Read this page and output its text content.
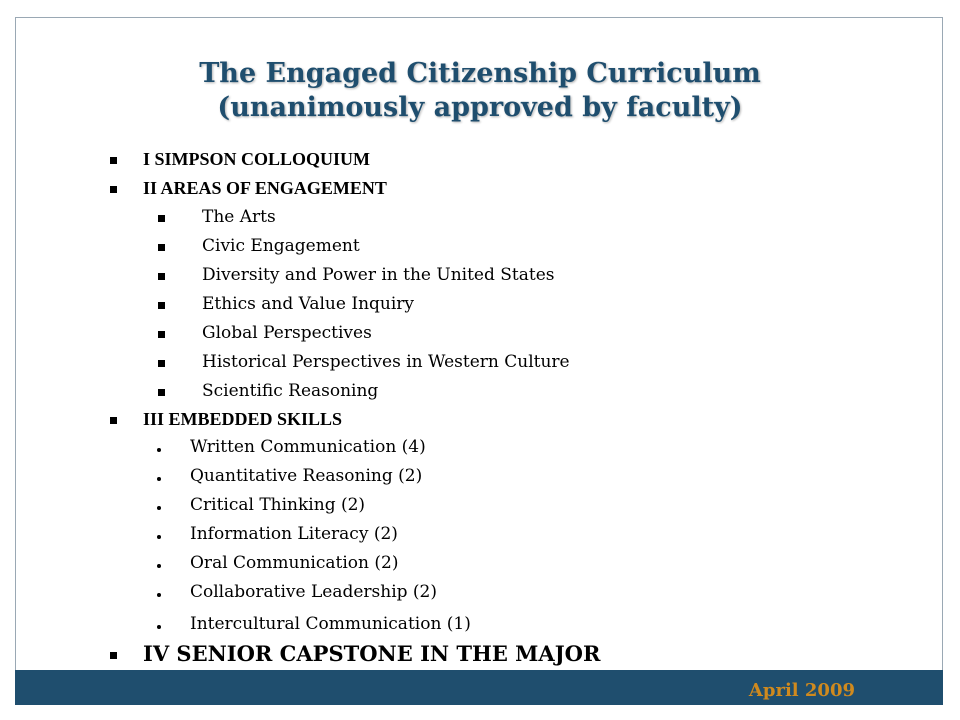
The Engaged Citizenship Curriculum
(unanimously approved by faculty)
I SIMPSON COLLOQUIUM
II AREAS OF ENGAGEMENT
The Arts
Civic Engagement
Diversity and Power in the United States
Ethics and Value Inquiry
Global Perspectives
Historical Perspectives in Western Culture
Scientific Reasoning
III EMBEDDED SKILLS
Written Communication (4)
Quantitative Reasoning (2)
Critical Thinking (2)
Information Literacy (2)
Oral Communication (2)
Collaborative Leadership (2)
Intercultural Communication (1)
IV SENIOR CAPSTONE IN THE MAJOR
April 2009
